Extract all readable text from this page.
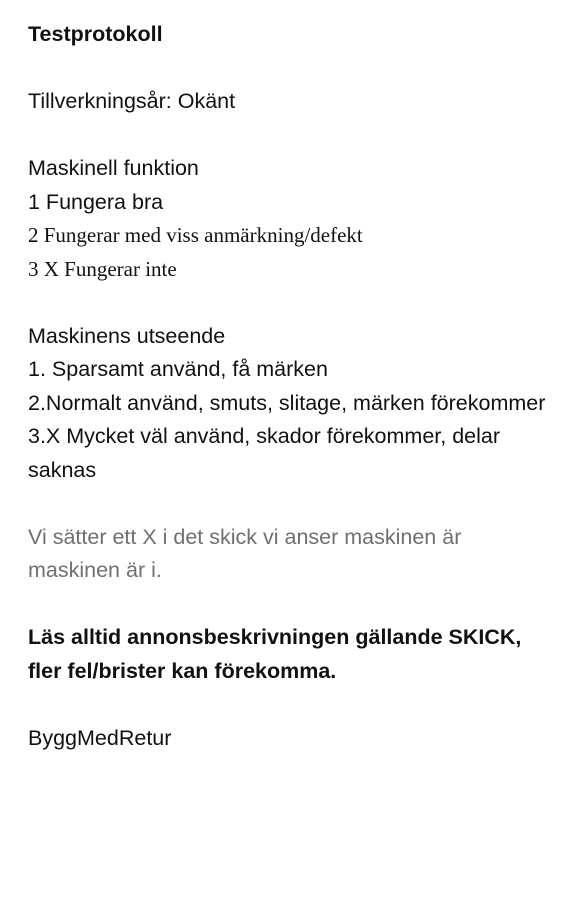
Testprotokoll
Tillverkningsår: Okänt
Maskinell funktion
1 Fungera bra
2 Fungerar med viss anmärkning/defekt
3 X Fungerar inte
Maskinens utseende
1. Sparsamt använd, få märken
2.Normalt använd, smuts, slitage, märken förekommer
3.X Mycket väl använd, skador förekommer, delar saknas
Vi sätter ett X i det skick vi anser maskinen är maskinen är i.
Läs alltid annonsbeskrivningen gällande SKICK, fler fel/brister kan förekomma.
ByggMedRetur
